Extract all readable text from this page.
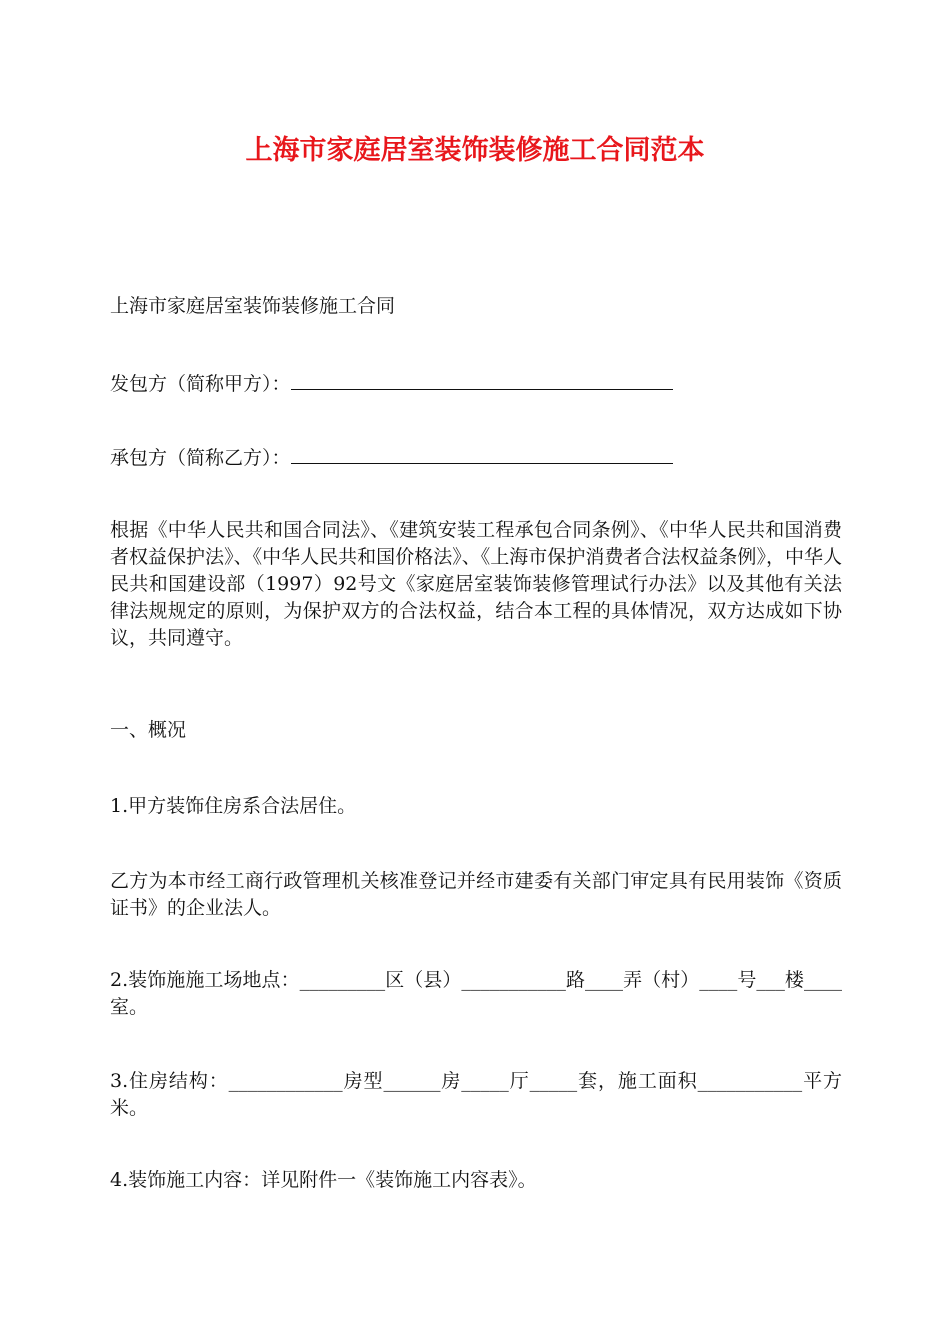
上海市家庭居室装饰装修施工合同范本

上海市家庭居室装饰装修施工合同

发包方（简称甲方）：

承包方（简称乙方）：

根据《中华人民共和国合同法》、《建筑安装工程承包合同条例》、《中华人民共和国消费者权益保护法》、《中华人民共和国价格法》、《上海市保护消费者合法权益条例》，中华人民共和国建设部（1997）92号文《家庭居室装饰装修管理试行办法》以及其他有关法律法规规定的原则，为保护双方的合法权益，结合本工程的具体情况，双方达成如下协议，共同遵守。

一、概况

1.甲方装饰住房系合法居住。

乙方为本市经工商行政管理机关核准登记并经市建委有关部门审定具有民用装饰《资质证书》的企业法人。

2.装饰施施工场地点：_________区（县）___________路____弄（村）____号___楼____室。

3.住房结构：____________房型______房_____厅_____套，施工面积___________平方米。

4.装饰施工内容：详见附件一《装饰施工内容表》。
